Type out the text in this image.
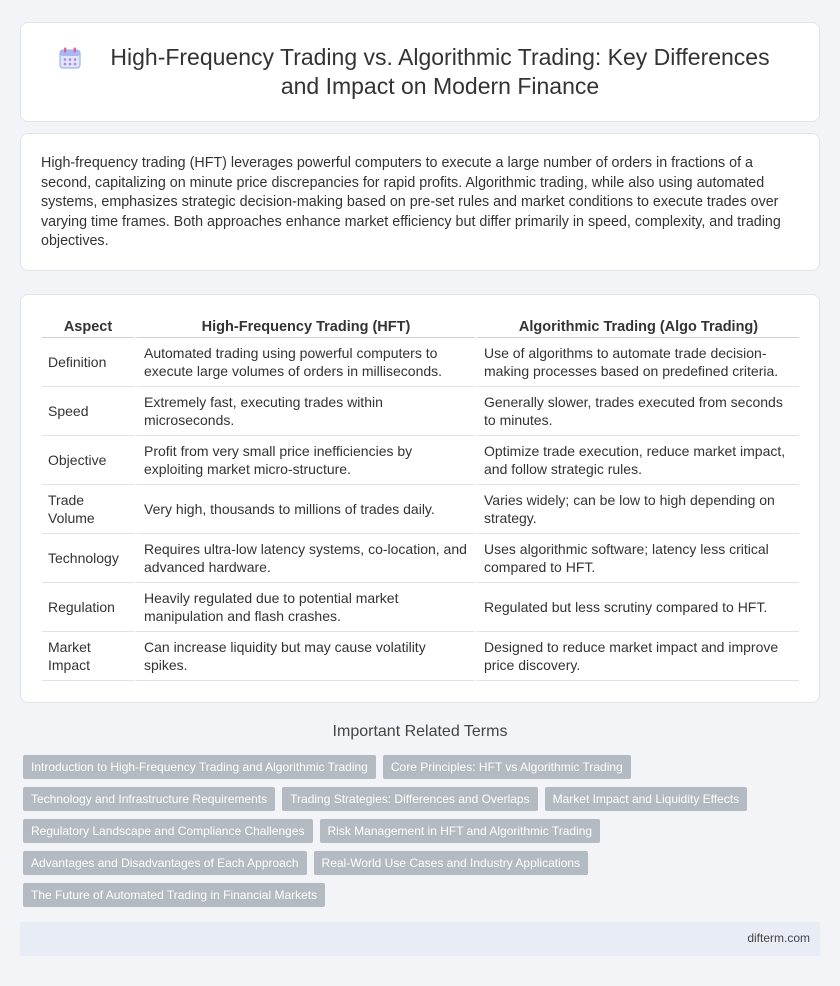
High-Frequency Trading vs. Algorithmic Trading: Key Differences and Impact on Modern Finance

High-frequency trading (HFT) leverages powerful computers to execute a large number of orders in fractions of a second, capitalizing on minute price discrepancies for rapid profits. Algorithmic trading, while also using automated systems, emphasizes strategic decision-making based on pre-set rules and market conditions to execute trades over varying time frames. Both approaches enhance market efficiency but differ primarily in speed, complexity, and trading objectives.

Aspect	High-Frequency Trading (HFT)	Algorithmic Trading (Algo Trading)
Definition	Automated trading using powerful computers to execute large volumes of orders in milliseconds.	Use of algorithms to automate trade decision-making processes based on predefined criteria.
Speed	Extremely fast, executing trades within microseconds.	Generally slower, trades executed from seconds to minutes.
Objective	Profit from very small price inefficiencies by exploiting market micro-structure.	Optimize trade execution, reduce market impact, and follow strategic rules.
Trade Volume	Very high, thousands to millions of trades daily.	Varies widely; can be low to high depending on strategy.
Technology	Requires ultra-low latency systems, co-location, and advanced hardware.	Uses algorithmic software; latency less critical compared to HFT.
Regulation	Heavily regulated due to potential market manipulation and flash crashes.	Regulated but less scrutiny compared to HFT.
Market Impact	Can increase liquidity but may cause volatility spikes.	Designed to reduce market impact and improve price discovery.
Important Related Terms
Introduction to High-Frequency Trading and Algorithmic Trading	Core Principles: HFT vs Algorithmic Trading
Technology and Infrastructure Requirements	Trading Strategies: Differences and Overlaps	Market Impact and Liquidity Effects
Regulatory Landscape and Compliance Challenges	Risk Management in HFT and Algorithmic Trading
Advantages and Disadvantages of Each Approach	Real-World Use Cases and Industry Applications
The Future of Automated Trading in Financial Markets
difterm.com
